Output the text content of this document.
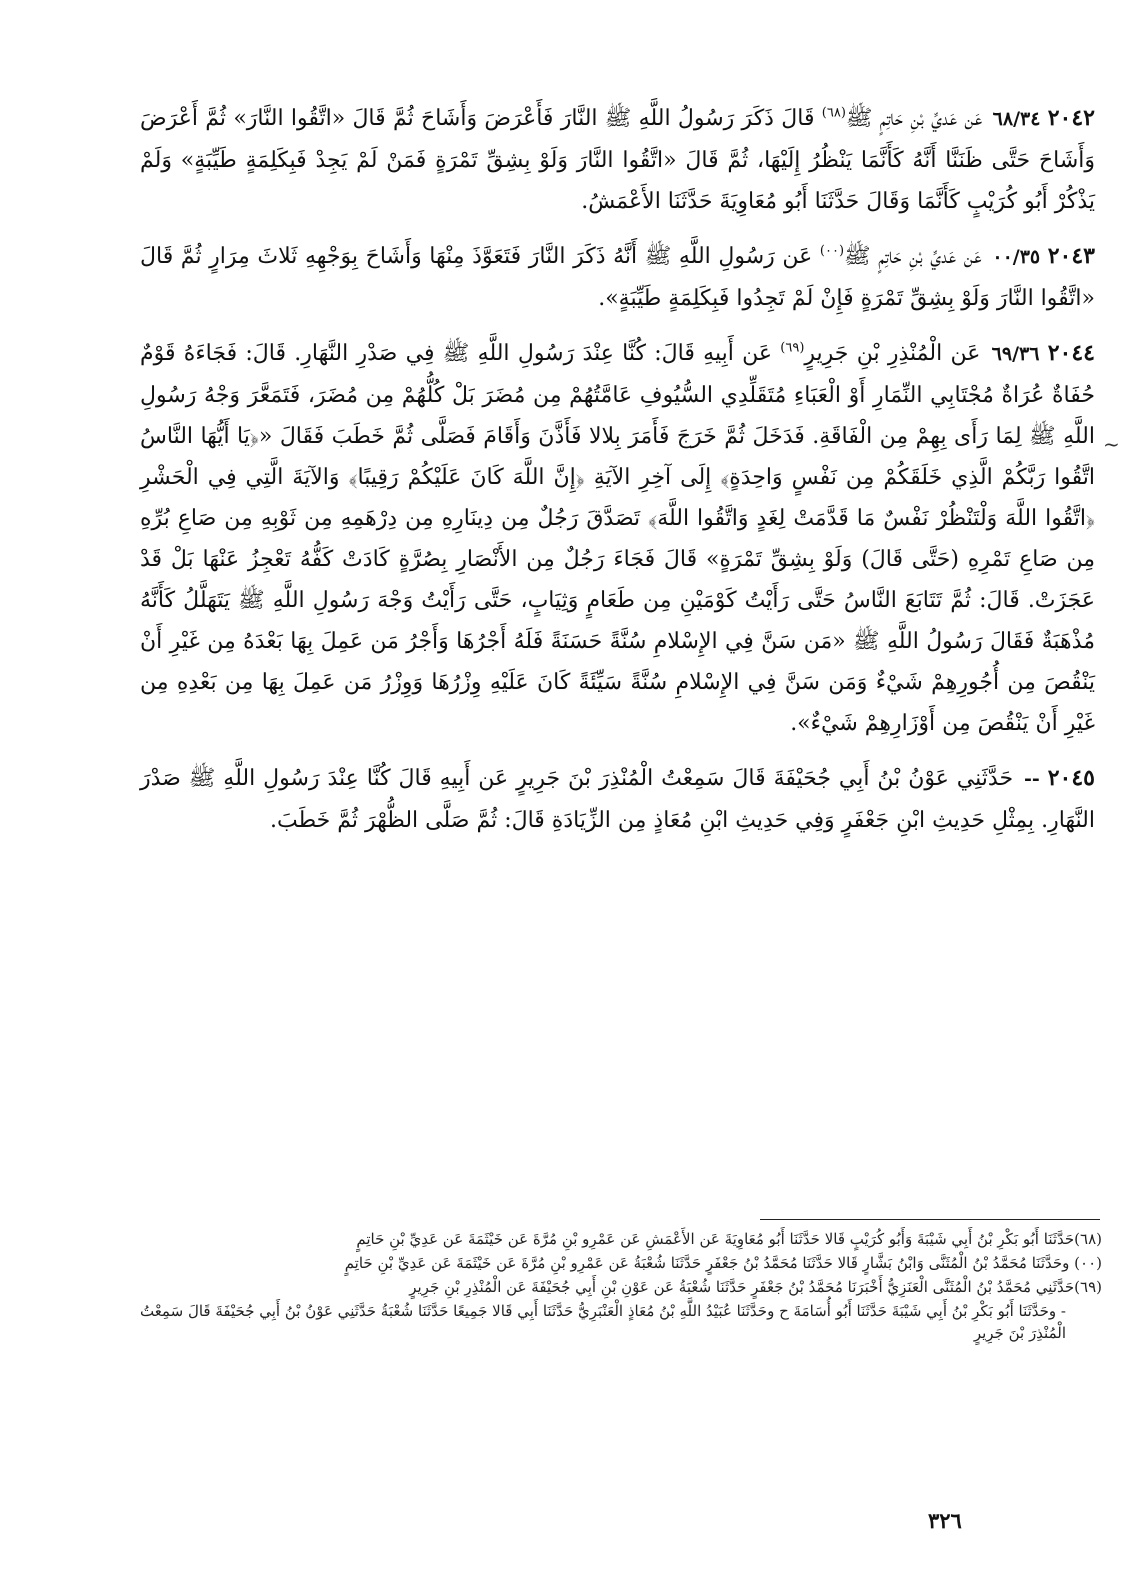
٢٠٤٢ ٦٨/٣٤ عَن عَديِّ بْنِ حَاتِمٍ ﷺ$^{(٦٨)}$ قَالَ ذَكَرَ رَسُولُ اللَّهِ ﷺ النَّارَ فَأَعْرَضَ وَأَشَاحَ ثُمَّ قَالَ «اتَّقُوا النَّارَ» ثُمَّ أَعْرَضَ وَأَشَاحَ حَتَّى ظَنَنَّا أَنَّهُ كَأَنَّمَا يَنْظُرُ إِلَيْهَا، ثُمَّ قَالَ «اتَّقُوا النَّارَ وَلَوْ بِشِقِّ تَمْرَةٍ فَمَنْ لَمْ يَجِدْ فَبِكَلِمَةٍ طَيِّبَةٍ» وَلَمْ يَذْكُرْ أَبُو كُرَيْبٍ كَأَنَّمَا وَقَالَ حَدَّثَنَا أَبُو مُعَاوِيَةَ حَدَّثَنَا الأَعْمَشُ.

٢٠٤٣ ٠٠/٣٥ عَن عَديِّ بْنِ حَاتِمٍ ﷺ$^{(٠٠)}$ عَن رَسُولِ اللَّهِ ﷺ أَنَّهُ ذَكَرَ النَّارَ فَتَعَوَّذَ مِنْهَا وَأَشَاحَ بِوَجْهِهِ ثَلاثَ مِرَارٍ ثُمَّ قَالَ «اتَّقُوا النَّارَ وَلَوْ بِشِقِّ تَمْرَةٍ فَإِنْ لَمْ تَجِدُوا فَبِكَلِمَةٍ طَيِّبَةٍ».

٢٠٤٤ ٦٩/٣٦ عَن الْمُنْذِرِ بْنِ جَرِيرٍ$^{(٦٩)}$ عَن أَبِيهِ قَالَ: كُنَّا عِنْدَ رَسُولِ اللَّهِ ﷺ فِي صَدْرِ النَّهَارِ. قَالَ: فَجَاءَهُ قَوْمٌ حُفَاةٌ عُرَاةٌ مُجْتَابِي النِّمَارِ أَوْ الْعَبَاءِ مُتَقَلِّدِي السُّيُوفِ عَامَّتُهُمْ مِن مُضَرَ بَلْ كُلُّهُمْ مِن مُضَرَ، فَتَمَعَّرَ وَجْهُ رَسُولِ اللَّهِ ﷺ لِمَا رَأَى بِهِمْ مِن الْفَاقَةِ. فَدَخَلَ ثُمَّ خَرَجَ فَأَمَرَ بِلالا فَأَذَّنَ وَأَقَامَ فَصَلَّى ثُمَّ خَطَبَ فَقَالَ «﴿يَا أَيُّهَا النَّاسُ اتَّقُوا رَبَّكُمْ الَّذِي خَلَقَكُمْ مِن نَفْسٍ وَاحِدَةٍ﴾ إِلَى آخِرِ الآيَةِ ﴿إِنَّ اللَّهَ كَانَ عَلَيْكُمْ رَقِيبًا﴾ وَالآيَةَ الَّتِي فِي الْحَشْرِ ﴿اتَّقُوا اللَّهَ وَلْتَنْظُرْ نَفْسٌ مَا قَدَّمَتْ لِغَدٍ وَاتَّقُوا اللَّهَ﴾ تَصَدَّقَ رَجُلٌ مِن دِينَارِهِ مِن دِرْهَمِهِ مِن ثَوْبِهِ مِن صَاعِ بُرِّهِ مِن صَاعِ تَمْرِهِ (حَتَّى قَالَ) وَلَوْ بِشِقِّ تَمْرَةٍ» قَالَ فَجَاءَ رَجُلٌ مِن الأَنْصَارِ بِصُرَّةٍ كَادَتْ كَفُّهُ تَعْجِزُ عَنْهَا بَلْ قَدْ عَجَزَتْ. قَالَ: ثُمَّ تَتَابَعَ النَّاسُ حَتَّى رَأَيْتُ كَوْمَيْنِ مِن طَعَامٍ وَثِيَابٍ، حَتَّى رَأَيْتُ وَجْهَ رَسُولِ اللَّهِ ﷺ يَتَهَلَّلُ كَأَنَّهُ مُذْهَبَةٌ فَقَالَ رَسُولُ اللَّهِ ﷺ «مَن سَنَّ فِي الإِسْلامِ سُنَّةً حَسَنَةً فَلَهُ أَجْرُهَا وَأَجْرُ مَن عَمِلَ بِهَا بَعْدَهُ مِن غَيْرِ أَنْ يَنْقُصَ مِن أُجُورِهِمْ شَيْءٌ وَمَن سَنَّ فِي الإِسْلامِ سُنَّةً سَيِّئَةً كَانَ عَلَيْهِ وِزْرُهَا وَوِزْرُ مَن عَمِلَ بِهَا مِن بَعْدِهِ مِن غَيْرِ أَنْ يَنْقُصَ مِن أَوْزَارِهِمْ شَيْءٌ».

٢٠٤٥ -- حَدَّثَنِي عَوْنُ بْنُ أَبِي جُحَيْفَةَ قَالَ سَمِعْتُ الْمُنْذِرَ بْنَ جَرِيرٍ عَن أَبِيهِ قَالَ كُنَّا عِنْدَ رَسُولِ اللَّهِ ﷺ صَدْرَ النَّهَارِ. بِمِثْلِ حَدِيثِ ابْنِ جَعْفَرٍ وَفِي حَدِيثِ ابْنِ مُعَاذٍ مِن الزِّيَادَةِ قَالَ: ثُمَّ صَلَّى الظُّهْرَ ثُمَّ خَطَبَ.

~

(٦٨)حَدَّثَنَا أَبُو بَكْرِ بْنُ أَبِي شَيْبَةَ وَأَبُو كُرَيْبٍ قَالا حَدَّثَنَا أَبُو مُعَاوِيَةَ عَن الأَعْمَشِ عَن عَمْرِو بْنِ مُرَّةَ عَن خَيْثَمَةَ عَن عَدِيِّ بْنِ حَاتِمٍ

(٠٠) وحَدَّثَنَا مُحَمَّدُ بْنُ الْمُثَنَّى وَابْنُ بَشَّارٍ قَالا حَدَّثَنَا مُحَمَّدُ بْنُ جَعْفَرٍ حَدَّثَنَا شُعْبَةُ عَن عَمْرِو بْنِ مُرَّةَ عَن خَيْثَمَةَ عَن عَدِيِّ بْنِ حَاتِمٍ

(٦٩)حَدَّثَنِي مُحَمَّدُ بْنُ الْمُثَنَّى الْعَنَزِيُّ أَخْبَرَنَا مُحَمَّدُ بْنُ جَعْفَرٍ حَدَّثَنَا شُعْبَةُ عَن عَوْنِ بْنِ أَبِي جُحَيْفَةَ عَن الْمُنْذِرِ بْنِ جَرِيرٍ

- وحَدَّثَنَا أَبُو بَكْرِ بْنُ أَبِي شَيْبَةَ حَدَّثَنَا أَبُو أُسَامَةَ ح وحَدَّثَنَا عُبَيْدُ اللَّهِ بْنُ مُعَاذٍ الْعَنْبَرِيُّ حَدَّثَنَا أَبِي قَالا جَمِيعًا حَدَّثَنَا شُعْبَةُ حَدَّثَنِي عَوْنُ بْنُ أَبِي جُحَيْفَةَ قَالَ سَمِعْتُ الْمُنْذِرَ بْنَ جَرِيرٍ

٣٢٦
